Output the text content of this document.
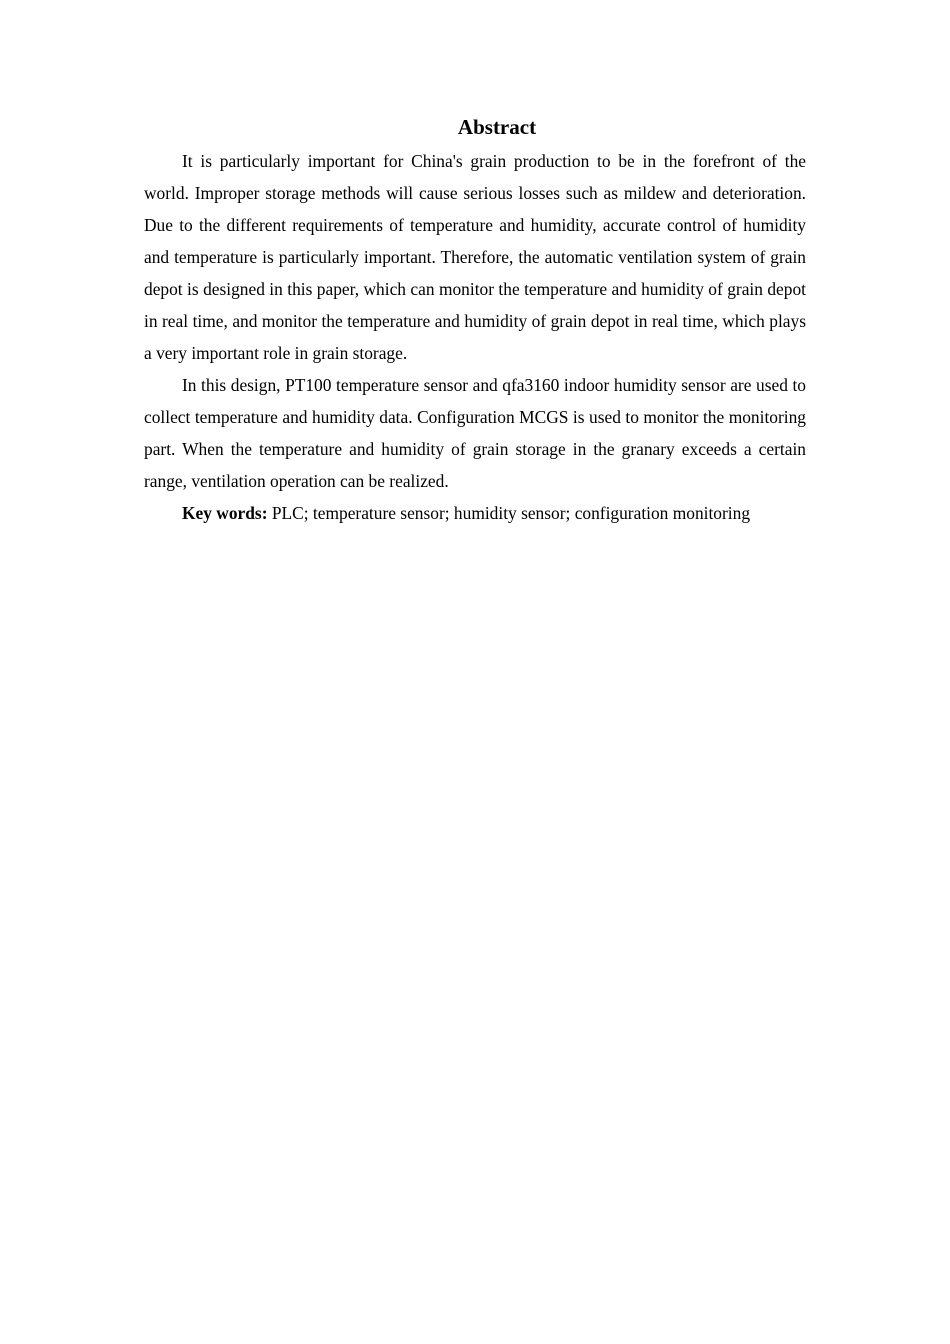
Abstract

It is particularly important for China's grain production to be in the forefront of the world. Improper storage methods will cause serious losses such as mildew and deterioration. Due to the different requirements of temperature and humidity, accurate control of humidity and temperature is particularly important. Therefore, the automatic ventilation system of grain depot is designed in this paper, which can monitor the temperature and humidity of grain depot in real time, and monitor the temperature and humidity of grain depot in real time, which plays a very important role in grain storage.

In this design, PT100 temperature sensor and qfa3160 indoor humidity sensor are used to collect temperature and humidity data. Configuration MCGS is used to monitor the monitoring part. When the temperature and humidity of grain storage in the granary exceeds a certain range, ventilation operation can be realized.

Key words: PLC; temperature sensor; humidity sensor; configuration monitoring
